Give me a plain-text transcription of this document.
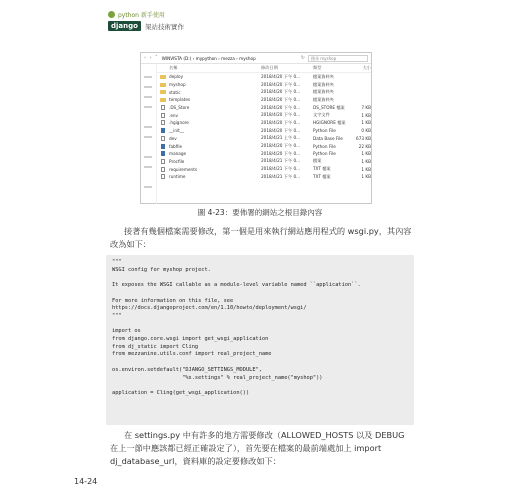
python 新手使用
django	架站技術實作
‹ › ˄ WINVISTA (D:) › mypython › mezza › myshop	↻	搜尋 myshop
名稱	修改日期	類型	大小
deploy	2018/4/20 下午 0...	檔案資料夾
myshop	2018/4/20 下午 0...	檔案資料夾
static	2018/4/20 下午 0...	檔案資料夾
templates	2018/4/20 下午 0...	檔案資料夾
.DS_Store	2018/4/20 下午 0...	DS_STORE 檔案	7 KB
.env	2018/4/20 下午 0...	文字文件	1 KB
.hgignore	2018/4/20 下午 0...	HGIGNORE 檔案	1 KB
__init__	2018/4/20 下午 0...	Python File	0 KB
dev	2018/4/21 上午 0...	Data Base File	673 KB
fabfile	2018/4/20 下午 0...	Python File	22 KB
manage	2018/4/20 下午 0...	Python File	1 KB
Procfile	2018/4/21 下午 0...	檔案	1 KB
requirements	2018/4/21 下午 0...	TXT 檔案	1 KB
runtime	2018/4/21 下午 0...	TXT 檔案	1 KB
圖 4-23：要佈署的網站之根目錄內容
接著有幾個檔案需要修改，第一個是用來執行網站應用程式的 wsgi.py，其內容改為如下：
"""
WSGI config for myshop project.

It exposes the WSGI callable as a module-level variable named ``application``.

For more information on this file, see
https://docs.djangoproject.com/en/1.10/howto/deployment/wsgi/
"""

import os
from django.core.wsgi import get_wsgi_application
from dj_static import Cling
from mezzanine.utils.conf import real_project_name

os.environ.setdefault("DJANGO_SETTINGS_MODULE",
"%s.settings" % real_project_name("myshop"))

application = Cling(get_wsgi_application())
在 settings.py 中有許多的地方需要修改（ALLOWED_HOSTS 以及 DEBUG 在上一節中應該都已經正確設定了），首先要在檔案的最前端處加上 import dj_database_url，資料庫的設定要修改如下：
14-24
